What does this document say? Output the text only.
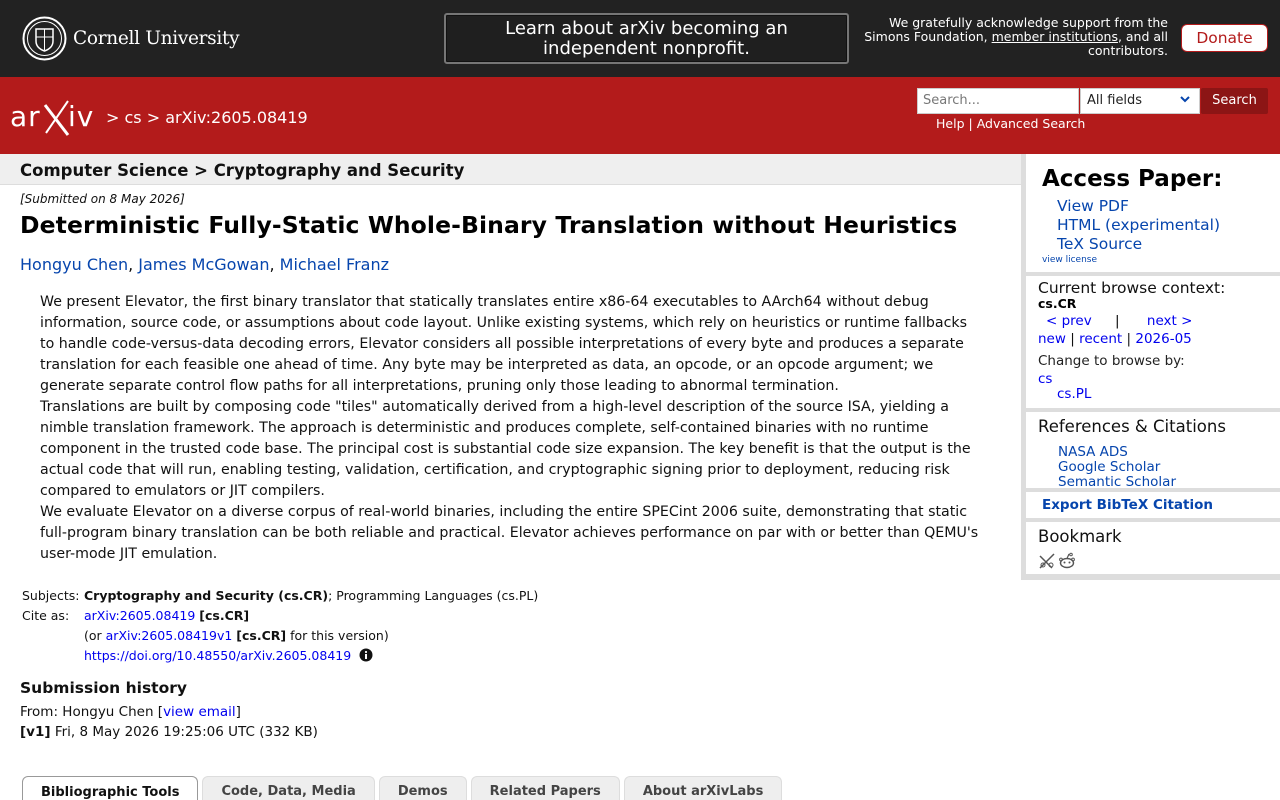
Cornell University	Learn about arXiv becoming an independent nonprofit.
We gratefully acknowledge support from the Simons Foundation, member institutions, and all contributors.
Donate
ar iv > cs > arXiv:2605.08419
Search...	All fields	Search
Help | Advanced Search
Computer Science > Cryptography and Security
[Submitted on 8 May 2026]
Deterministic Fully-Static Whole-Binary Translation without Heuristics
Hongyu Chen, James McGowan, Michael Franz

We present Elevator, the first binary translator that statically translates entire x86-64 executables to AArch64 without debug information, source code, or assumptions about code layout. Unlike existing systems, which rely on heuristics or runtime fallbacks to handle code-versus-data decoding errors, Elevator considers all possible interpretations of every byte and produces a separate translation for each feasible one ahead of time. Any byte may be interpreted as data, an opcode, or an opcode argument; we generate separate control flow paths for all interpretations, pruning only those leading to abnormal termination.

Translations are built by composing code "tiles" automatically derived from a high-level description of the source ISA, yielding a nimble translation framework. The approach is deterministic and produces complete, self-contained binaries with no runtime component in the trusted code base. The principal cost is substantial code size expansion. The key benefit is that the output is the actual code that will run, enabling testing, validation, certification, and cryptographic signing prior to deployment, reducing risk compared to emulators or JIT compilers.

We evaluate Elevator on a diverse corpus of real-world binaries, including the entire SPECint 2006 suite, demonstrating that static full-program binary translation can be both reliable and practical. Elevator achieves performance on par with or better than QEMU's user-mode JIT emulation.

Subjects: Cryptography and Security (cs.CR); Programming Languages (cs.PL)
Cite as:	arXiv:2605.08419 [cs.CR]
(or arXiv:2605.08419v1 [cs.CR] for this version)
https://doi.org/10.48550/arXiv.2605.08419
Submission history
From: Hongyu Chen [view email]
[v1] Fri, 8 May 2026 19:25:06 UTC (332 KB)
Bibliographic Tools	Code, Data, Media	Demos	Related Papers	About arXivLabs
Access Paper:
View PDF
HTML (experimental)
TeX Source
view license
Current browse context:
cs.CR
< prev | next >
new | recent | 2026-05
Change to browse by:
cs
cs.PL
References & Citations
NASA ADS
Google Scholar
Semantic Scholar
Export BibTeX Citation
Bookmark
